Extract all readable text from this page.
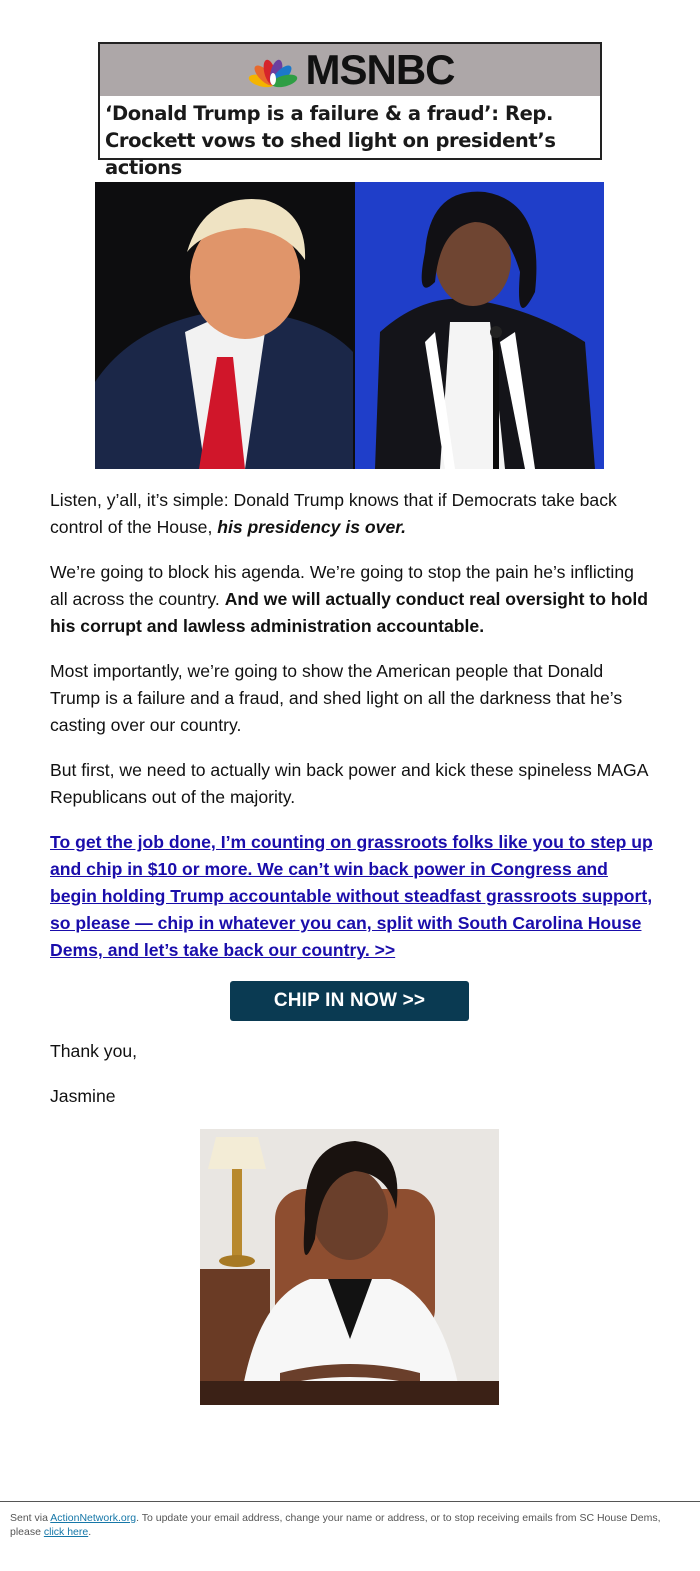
MSNBC
‘Donald Trump is a failure & a fraud’: Rep. Crockett vows to shed light on president’s actions

Listen, y’all, it’s simple: Donald Trump knows that if Democrats take back control of the House, his presidency is over.

We’re going to block his agenda. We’re going to stop the pain he’s inflicting all across the country. And we will actually conduct real oversight to hold his corrupt and lawless administration accountable.

Most importantly, we’re going to show the American people that Donald Trump is a failure and a fraud, and shed light on all the darkness that he’s casting over our country.

But first, we need to actually win back power and kick these spineless MAGA Republicans out of the majority.

To get the job done, I’m counting on grassroots folks like you to step up and chip in $10 or more. We can’t win back power in Congress and begin holding Trump accountable without steadfast grassroots support, so please — chip in whatever you can, split with South Carolina House Dems, and let’s take back our country. >>

CHIP IN NOW >>

Thank you,

Jasmine

Sent via ActionNetwork.org. To update your email address, change your name or address, or to stop receiving emails from SC House Dems, please click here.
